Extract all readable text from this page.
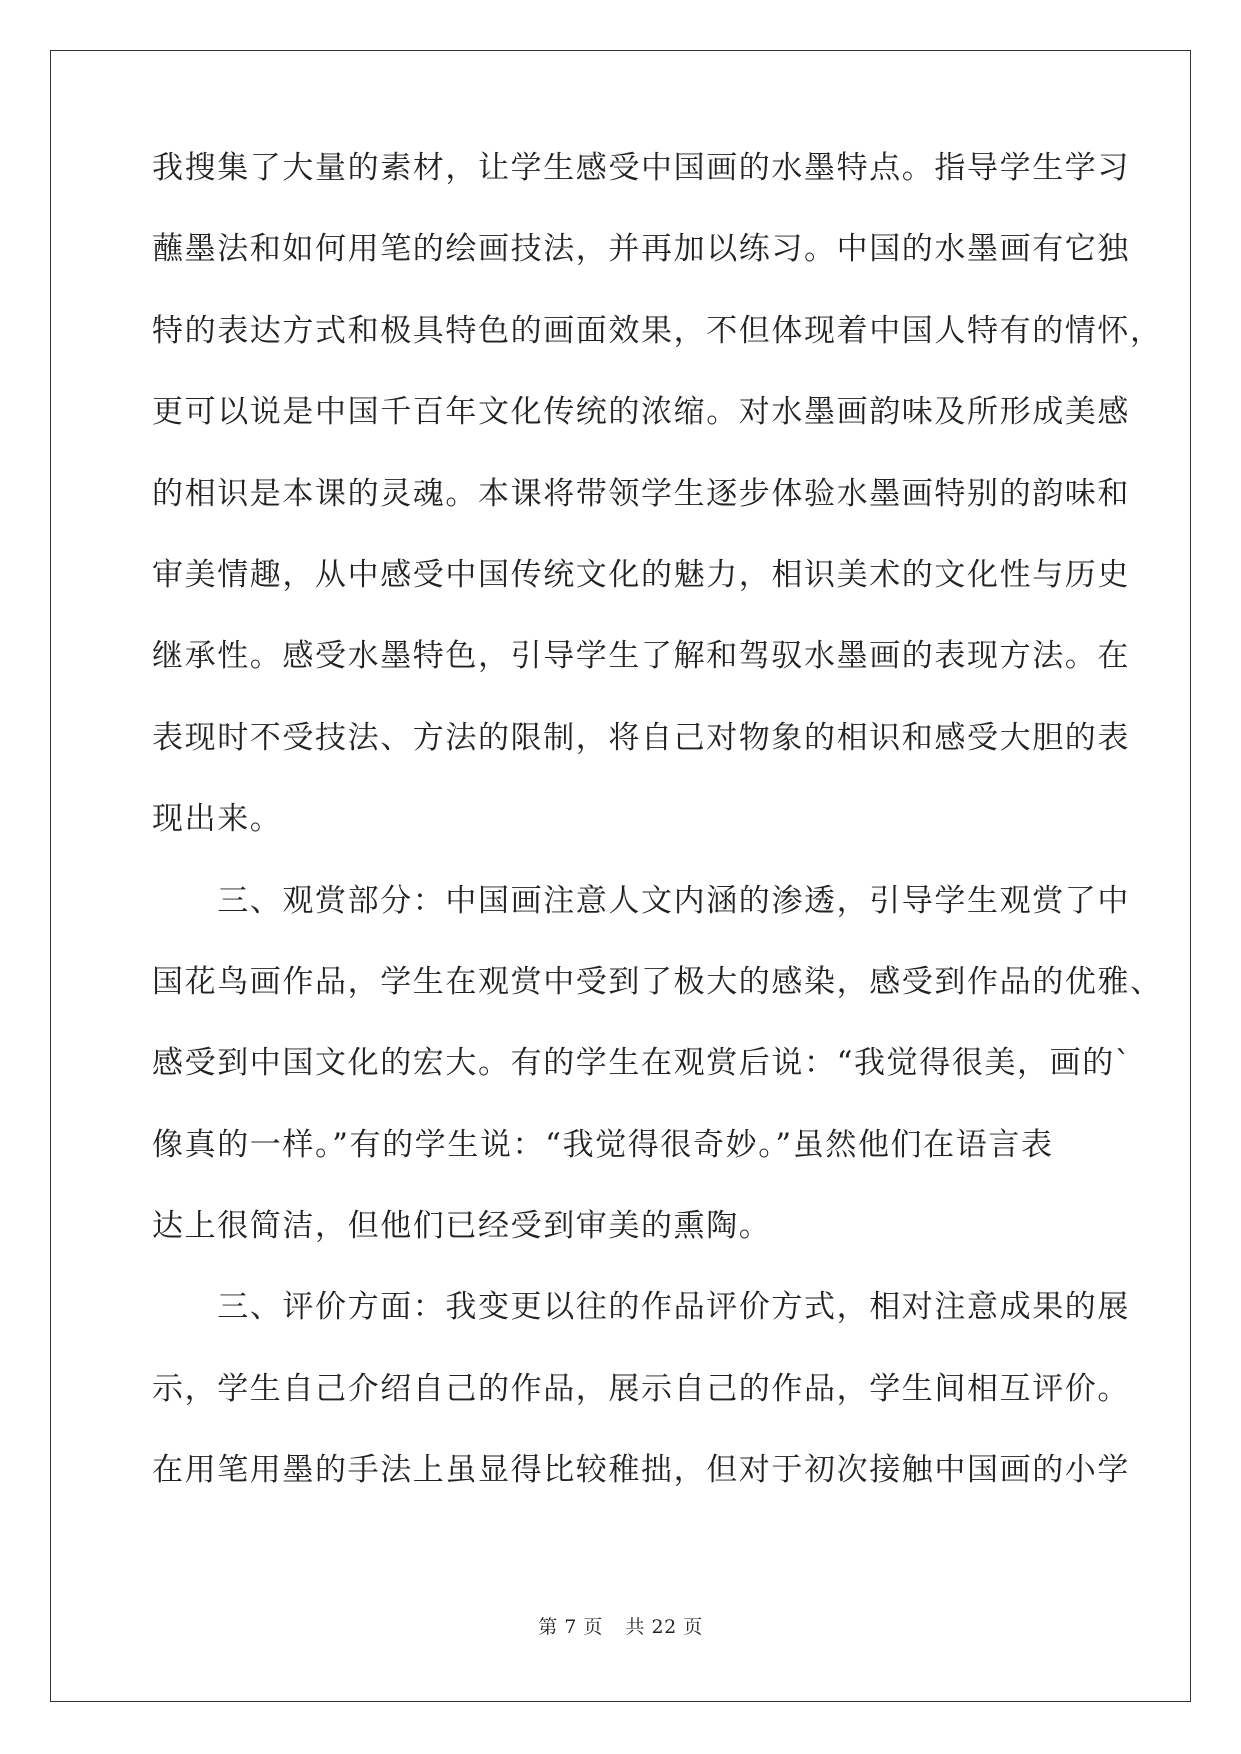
我搜集了大量的素材，让学生感受中国画的水墨特点。指导学生学习
蘸墨法和如何用笔的绘画技法，并再加以练习。中国的水墨画有它独
特的表达方式和极具特色的画面效果，不但体现着中国人特有的情怀，
更可以说是中国千百年文化传统的浓缩。对水墨画韵味及所形成美感
的相识是本课的灵魂。本课将带领学生逐步体验水墨画特别的韵味和
审美情趣，从中感受中国传统文化的魅力，相识美术的文化性与历史
继承性。感受水墨特色，引导学生了解和驾驭水墨画的表现方法。在
表现时不受技法、方法的限制，将自己对物象的相识和感受大胆的表
现出来。
　　三、观赏部分：中国画注意人文内涵的渗透，引导学生观赏了中
国花鸟画作品，学生在观赏中受到了极大的感染，感受到作品的优雅、
感受到中国文化的宏大。有的学生在观赏后说：“我觉得很美，画的`
像真的一样。”有的学生说：“我觉得很奇妙。”虽然他们在语言表
达上很简洁，但他们已经受到审美的熏陶。
　　三、评价方面：我变更以往的作品评价方式，相对注意成果的展
示，学生自己介绍自己的作品，展示自己的作品，学生间相互评价。
在用笔用墨的手法上虽显得比较稚拙，但对于初次接触中国画的小学
第 7 页 共 22 页
